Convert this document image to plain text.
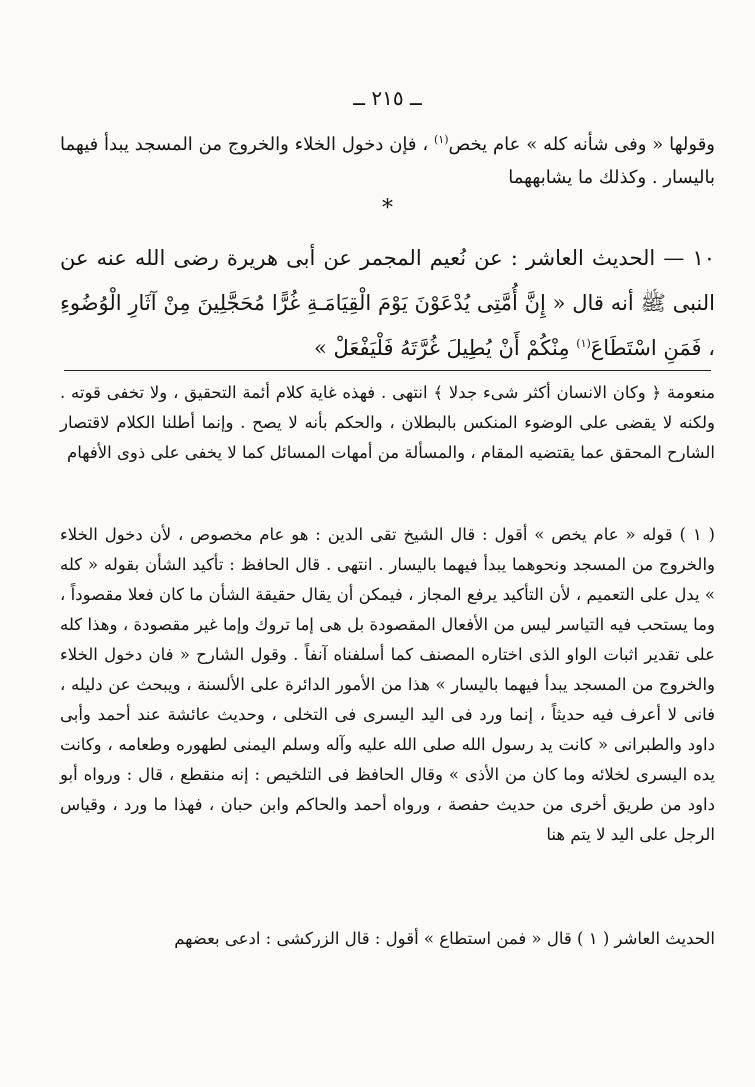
ــ ٢١٥ ــ

وقولها « وفى شأنه كله » عام يخص$^{(١)}$ ، فإن دخول الخلاء والخروج من المسجد يبدأ فيهما باليسار . وكذلك ما يشابههما

*

١٠ — الحديث العاشر : عن نُعيم المجمر عن أبى هريرة رضى الله عنه عن النبى ﷺ أنه قال « إِنَّ أُمَّتِى يُدْعَوْنَ يَوْمَ الْقِيَامَـةِ غُرًّا مُحَجَّلِينَ مِنْ آثَارِ الْوُضُوءِ ، فَمَنِ اسْتَطَاعَ$^{(١)}$ مِنْكُمْ أَنْ يُطِيلَ غُرَّتَهُ فَلْيَفْعَلْ »

منعومة ﴿ وكان الانسان أكثر شىء جدلا ﴾ انتهى . فهذه غاية كلام أئمة التحقيق ، ولا تخفى قوته . ولكنه لا يقضى على الوضوء المنكس بالبطلان ، والحكم بأنه لا يصح . وإنما أطلنا الكلام لاقتصار الشارح المحقق عما يقتضيه المقام ، والمسألة من أمهات المسائل كما لا يخفى على ذوى الأفهام

( ١ ) قوله « عام يخص » أقول : قال الشيخ تقى الدين : هو عام مخصوص ، لأن دخول الخلاء والخروج من المسجد ونحوهما يبدأ فيهما باليسار . انتهى . قال الحافظ : تأكيد الشأن بقوله « كله » يدل على التعميم ، لأن التأكيد يرفع المجاز ، فيمكن أن يقال حقيقة الشأن ما كان فعلا مقصوداً ، وما يستحب فيه التياسر ليس من الأفعال المقصودة بل هى إما تروك وإما غير مقصودة ، وهذا كله على تقدير اثبات الواو الذى اختاره المصنف كما أسلفناه آنفاً . وقول الشارح « فان دخول الخلاء والخروج من المسجد يبدأ فيهما باليسار » هذا من الأمور الدائرة على الألسنة ، ويبحث عن دليله ، فانى لا أعرف فيه حديثاً ، إنما ورد فى اليد اليسرى فى التخلى ، وحديث عائشة عند أحمد وأبى داود والطبرانى « كانت يد رسول الله صلى الله عليه وآله وسلم اليمنى لطهوره وطعامه ، وكانت يده اليسرى لخلائه وما كان من الأذى » وقال الحافظ فى التلخيص : إنه منقطع ، قال : ورواه أبو داود من طريق أخرى من حديث حفصة ، ورواه أحمد والحاكم وابن حبان ، فهذا ما ورد ، وقياس الرجل على اليد لا يتم هنا

الحديث العاشر ( ١ ) قال « فمن استطاع » أقول : قال الزركشى : ادعى بعضهم
